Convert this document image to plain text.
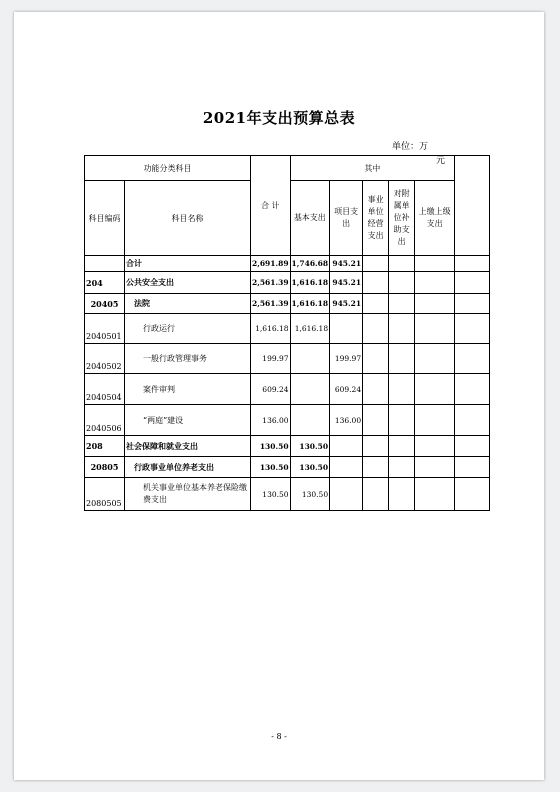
2021年支出预算总表
单位：万
元
功能分类科目		合 计	其中					
科目编码	科目名称		基本支出	项目支出	事业单位经营支出	对附属单位补助支出	上缴上级支出	
	合计	2,691.89	1,746.68	945.21				
204	公共安全支出	2,561.39	1,616.18	945.21				
20405	法院	2,561.39	1,616.18	945.21				
2040501	行政运行	1,616.18	1,616.18					
2040502	一般行政管理事务	199.97		199.97				
2040504	案件审判	609.24		609.24				
2040506	“两庭”建设	136.00		136.00				
208	社会保障和就业支出	130.50	130.50					
20805	行政事业单位养老支出	130.50	130.50					
2080505	机关事业单位基本养老保险缴费支出	130.50	130.50					
- 8 -
